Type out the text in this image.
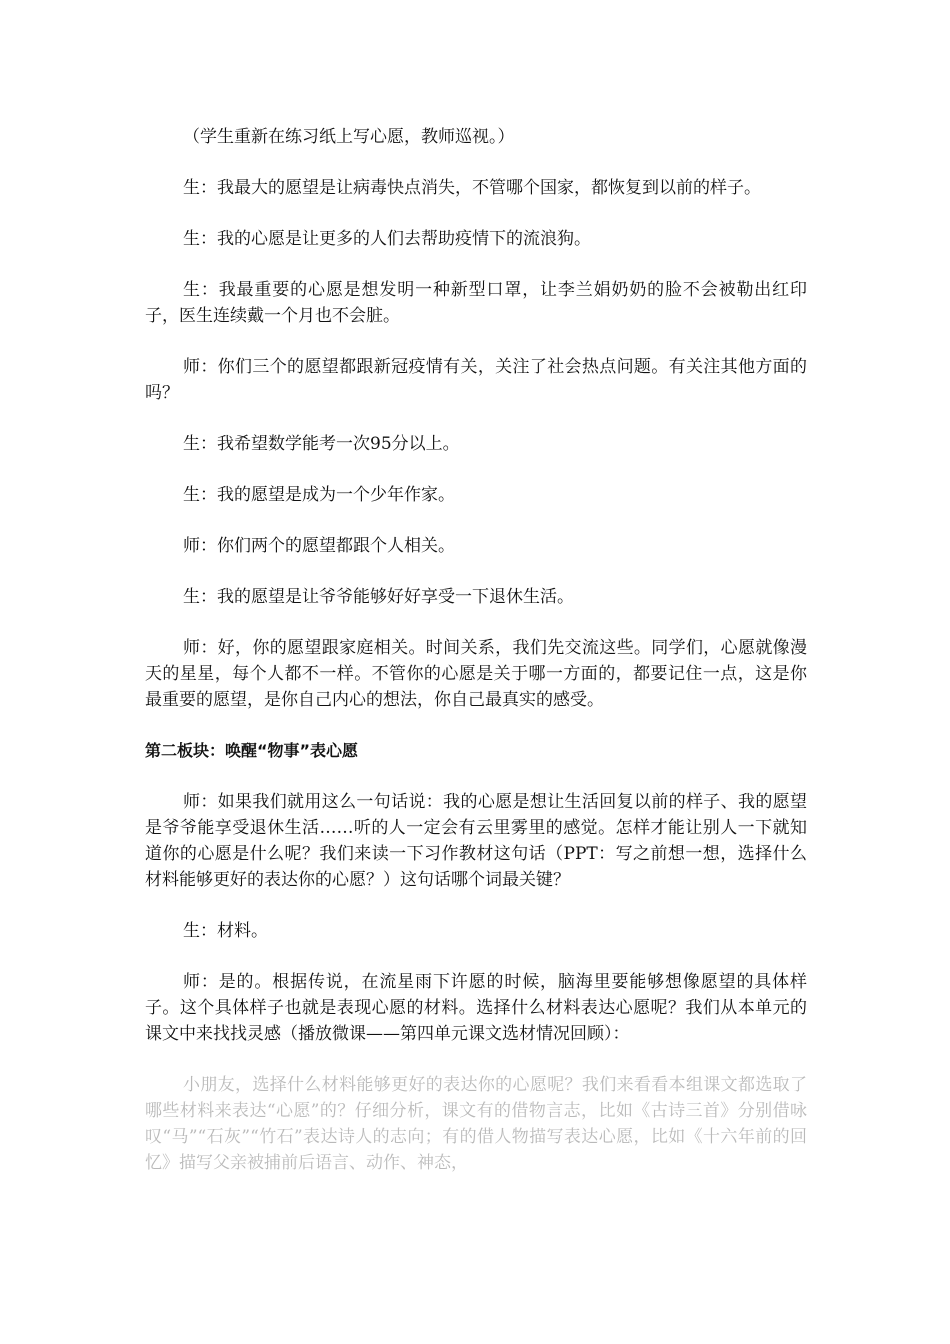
（学生重新在练习纸上写心愿，教师巡视。）

生：我最大的愿望是让病毒快点消失，不管哪个国家，都恢复到以前的样子。

生：我的心愿是让更多的人们去帮助疫情下的流浪狗。

生：我最重要的心愿是想发明一种新型口罩，让李兰娟奶奶的脸不会被勒出红印子，医生连续戴一个月也不会脏。

师：你们三个的愿望都跟新冠疫情有关，关注了社会热点问题。有关注其他方面的吗？

生：我希望数学能考一次95分以上。

生：我的愿望是成为一个少年作家。

师：你们两个的愿望都跟个人相关。

生：我的愿望是让爷爷能够好好享受一下退休生活。

师：好，你的愿望跟家庭相关。时间关系，我们先交流这些。同学们，心愿就像漫天的星星，每个人都不一样。不管你的心愿是关于哪一方面的，都要记住一点，这是你最重要的愿望，是你自己内心的想法，你自己最真实的感受。

第二板块：唤醒“物事”表心愿

师：如果我们就用这么一句话说：我的心愿是想让生活回复以前的样子、我的愿望是爷爷能享受退休生活……听的人一定会有云里雾里的感觉。怎样才能让别人一下就知道你的心愿是什么呢？我们来读一下习作教材这句话（PPT：写之前想一想，选择什么材料能够更好的表达你的心愿？）这句话哪个词最关键？

生：材料。

师：是的。根据传说，在流星雨下许愿的时候，脑海里要能够想像愿望的具体样子。这个具体样子也就是表现心愿的材料。选择什么材料表达心愿呢？我们从本单元的课文中来找找灵感（播放微课——第四单元课文选材情况回顾）：

小朋友，选择什么材料能够更好的表达你的心愿呢？我们来看看本组课文都选取了哪些材料来表达“心愿”的？仔细分析，课文有的借物言志，比如《古诗三首》分别借咏叹“马”“石灰”“竹石”表达诗人的志向；有的借人物描写表达心愿，比如《十六年前的回忆》描写父亲被捕前后语言、动作、神态，
